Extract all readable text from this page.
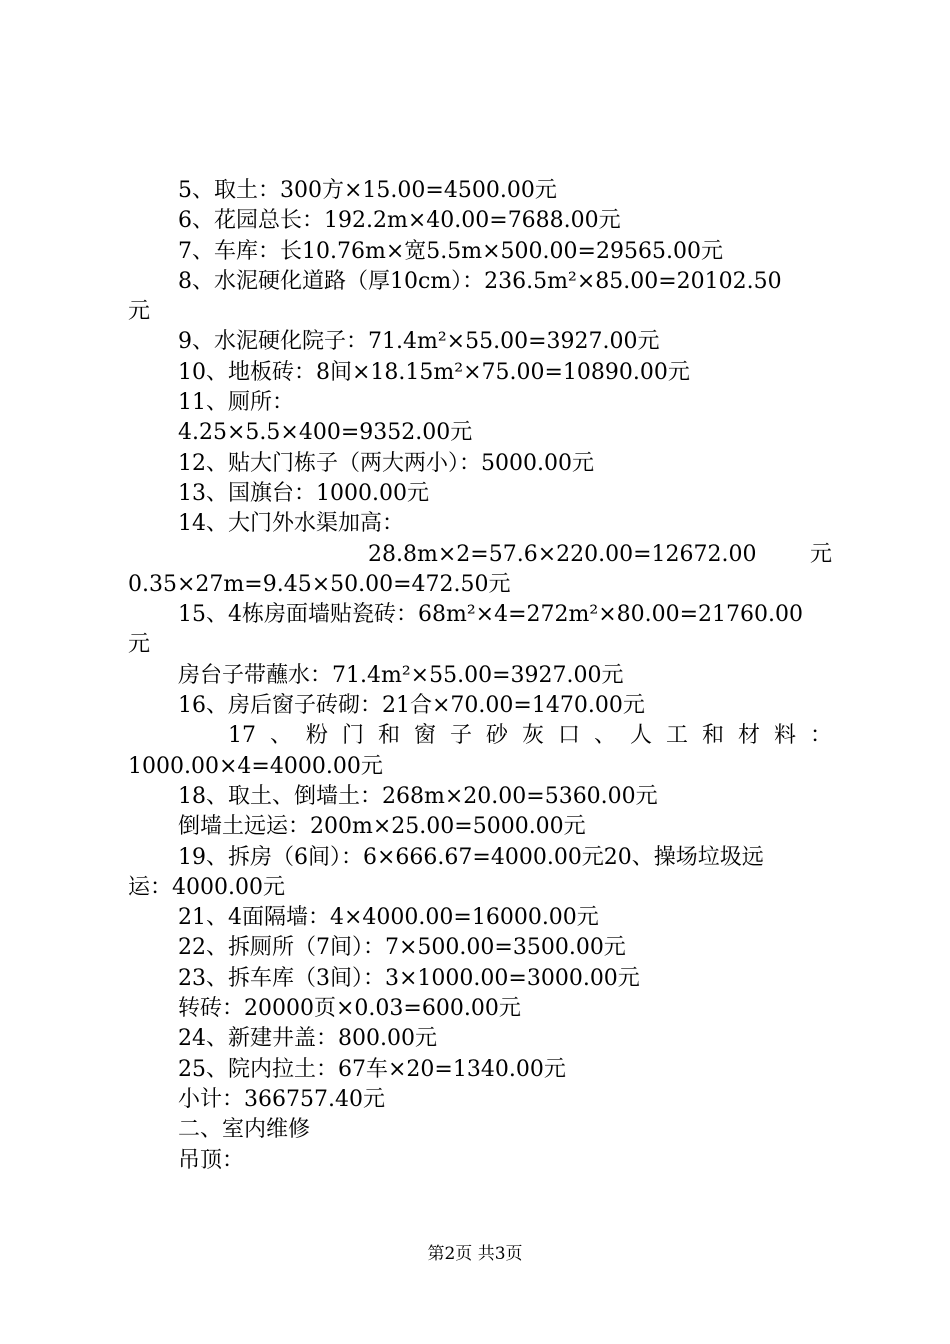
5、取土：300方×15.00=4500.00元
6、花园总长：192.2m×40.00=7688.00元
7、车库：长10.76m×宽5.5m×500.00=29565.00元
8、水泥硬化道路（厚10cm）：236.5m²×85.00=20102.50
元
9、水泥硬化院子：71.4m²×55.00=3927.00元
10、地板砖：8间×18.15m²×75.00=10890.00元
11、厕所：
4.25×5.5×400=9352.00元
12、贴大门栋子（两大两小）：5000.00元
13、国旗台：1000.00元
14、大门外水渠加高：
28.8m×2=57.6×220.00=12672.00 元
0.35×27m=9.45×50.00=472.50元
15、4栋房面墙贴瓷砖：68m²×4=272m²×80.00=21760.00
元
房台子带蘸水：71.4m²×55.00=3927.00元
16、房后窗子砖砌：21合×70.00=1470.00元
17、粉门和窗子砂灰口、人工和材料：
1000.00×4=4000.00元
18、取土、倒墙土：268m×20.00=5360.00元
倒墙土远运：200m×25.00=5000.00元
19、拆房（6间）：6×666.67=4000.00元20、操场垃圾远
运：4000.00元
21、4面隔墙：4×4000.00=16000.00元
22、拆厕所（7间）：7×500.00=3500.00元
23、拆车库（3间）：3×1000.00=3000.00元
转砖：20000页×0.03=600.00元
24、新建井盖：800.00元
25、院内拉土：67车×20=1340.00元
小计：366757.40元
二、室内维修
吊顶：
第2页 共3页
